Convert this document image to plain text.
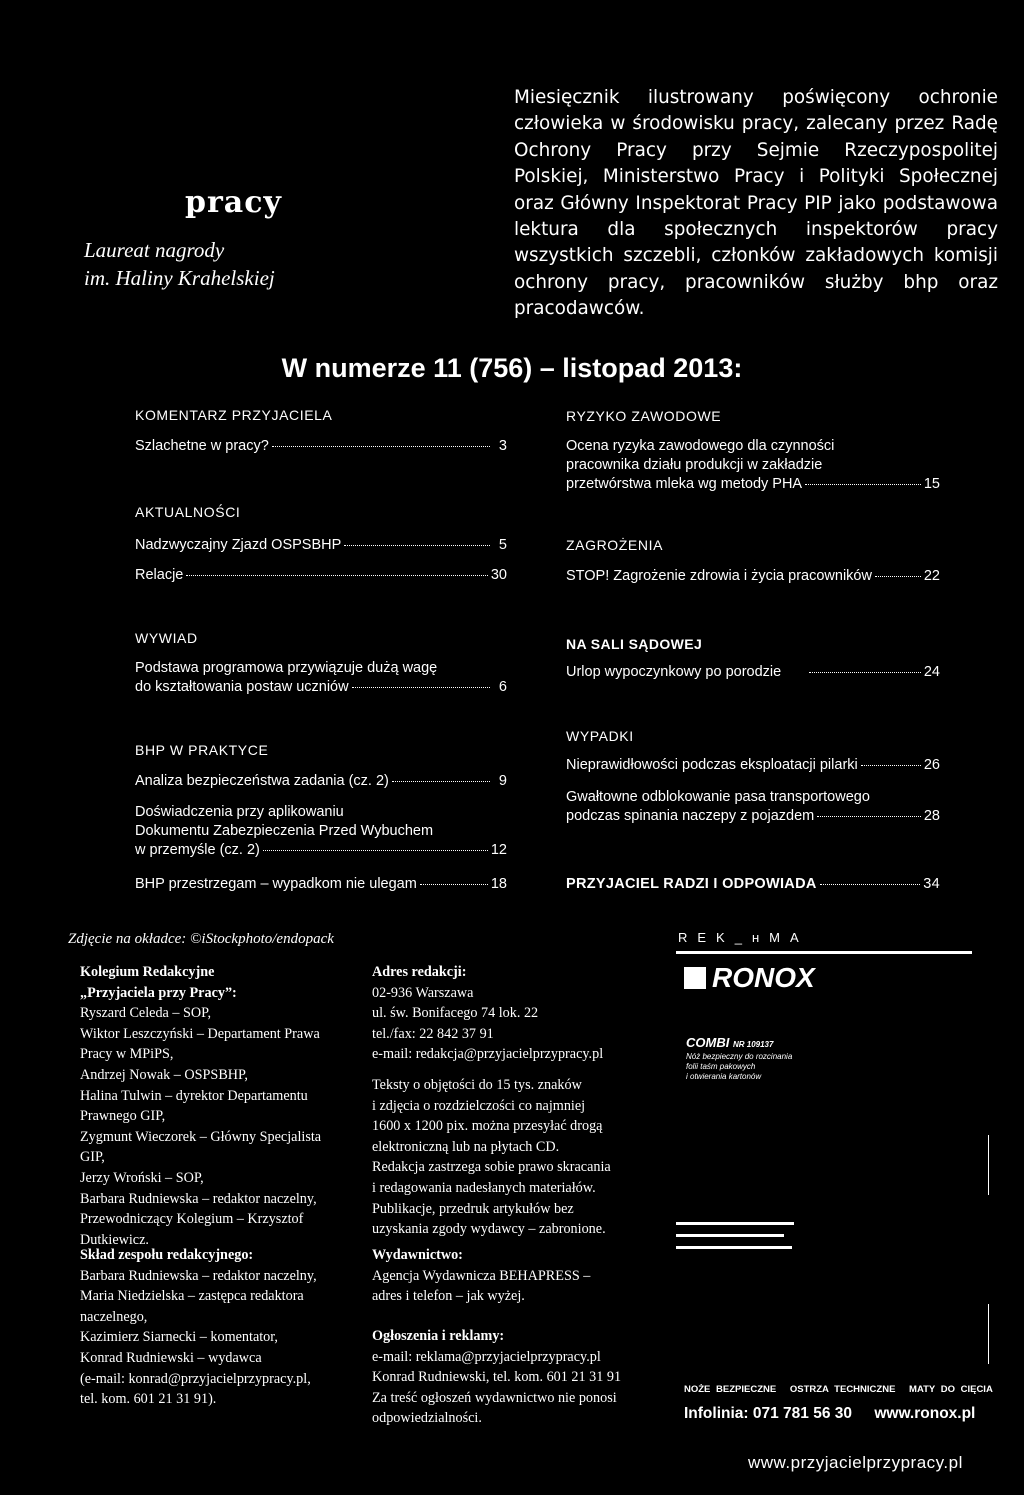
pracy
Laureat nagrody
im. Haliny Krahelskiej
Miesięcznik ilustrowany poświęcony ochronie człowieka w środowisku pracy, zalecany przez Radę Ochrony Pracy przy Sejmie Rzeczypospolitej Polskiej, Ministerstwo Pracy i Polityki Społecznej oraz Główny Inspektorat Pracy PIP jako podstawowa lektura dla społecznych inspektorów pracy wszystkich szczebli, członków zakładowych komisji ochrony pracy, pracowników służby bhp oraz pracodawców.
W numerze 11 (756) – listopad 2013:
KOMENTARZ PRZYJACIELA
Szlachetne w pracy?	3
AKTUALNOŚCI
Nadzwyczajny Zjazd OSPSBHP	5
Relacje	30
WYWIAD
Podstawa programowa przywiązuje dużą wagę
do kształtowania postaw uczniów	6
BHP W PRAKTYCE
Analiza bezpieczeństwa zadania (cz. 2)	9
Doświadczenia przy aplikowaniu
Dokumentu Zabezpieczenia Przed Wybuchem
w przemyśle (cz. 2)	12
BHP przestrzegam – wypadkom nie ulegam	18
RYZYKO ZAWODOWE
Ocena ryzyka zawodowego dla czynności
pracownika działu produkcji w zakładzie
przetwórstwa mleka wg metody PHA	15
ZAGROŻENIA
STOP! Zagrożenie zdrowia i życia pracowników	22
NA SALI SĄDOWEJ
Urlop wypoczynkowy po porodzie	24
WYPADKI
Nieprawidłowości podczas eksploatacji pilarki	26
Gwałtowne odblokowanie pasa transportowego
podczas spinania naczepy z pojazdem	28
PRZYJACIEL RADZI I ODPOWIADA	34
Zdjęcie na okładce: ©iStockphoto/endopack
Kolegium Redakcyjne
„Przyjaciela przy Pracy”:
Ryszard Celeda – SOP,
Wiktor Leszczyński – Departament Prawa
Pracy w MPiPS,
Andrzej Nowak – OSPSBHP,
Halina Tulwin – dyrektor Departamentu
Prawnego GIP,
Zygmunt Wieczorek – Główny Specjalista
GIP,
Jerzy Wroński – SOP,
Barbara Rudniewska – redaktor naczelny,
Przewodniczący Kolegium – Krzysztof
Dutkiewicz.
Skład zespołu redakcyjnego:
Barbara Rudniewska – redaktor naczelny,
Maria Niedzielska – zastępca redaktora
naczelnego,
Kazimierz Siarnecki – komentator,
Konrad Rudniewski – wydawca
(e-mail: konrad@przyjacielprzypracy.pl,
tel. kom. 601 21 31 91).
Adres redakcji:
02-936 Warszawa
ul. św. Bonifacego 74 lok. 22
tel./fax: 22 842 37 91
e-mail: redakcja@przyjacielprzypracy.pl
Teksty o objętości do 15 tys. znaków
i zdjęcia o rozdzielczości co najmniej
1600 x 1200 pix. można przesyłać drogą
elektroniczną lub na płytach CD.
Redakcja zastrzega sobie prawo skracania
i redagowania nadesłanych materiałów.
Publikacje, przedruk artykułów bez
uzyskania zgody wydawcy – zabronione.
Wydawnictwo:
Agencja Wydawnicza BEHAPRESS –
adres i telefon – jak wyżej.
Ogłoszenia i reklamy:
e-mail: reklama@przyjacielprzypracy.pl
Konrad Rudniewski, tel. kom. 601 21 31 91
Za treść ogłoszeń wydawnictwo nie ponosi
odpowiedzialności.
REK_ʜMA
RONOX
COMBI NR 109137
Nóż bezpieczny do rozcinania
folii taśm pakowych
i otwierania kartonów
NOŻE BEZPIECZNE OSTRZA TECHNICZNE MATY DO CIĘCIA
Infolinia: 071 781 56 30 www.ronox.pl
www.przyjacielprzypracy.pl
